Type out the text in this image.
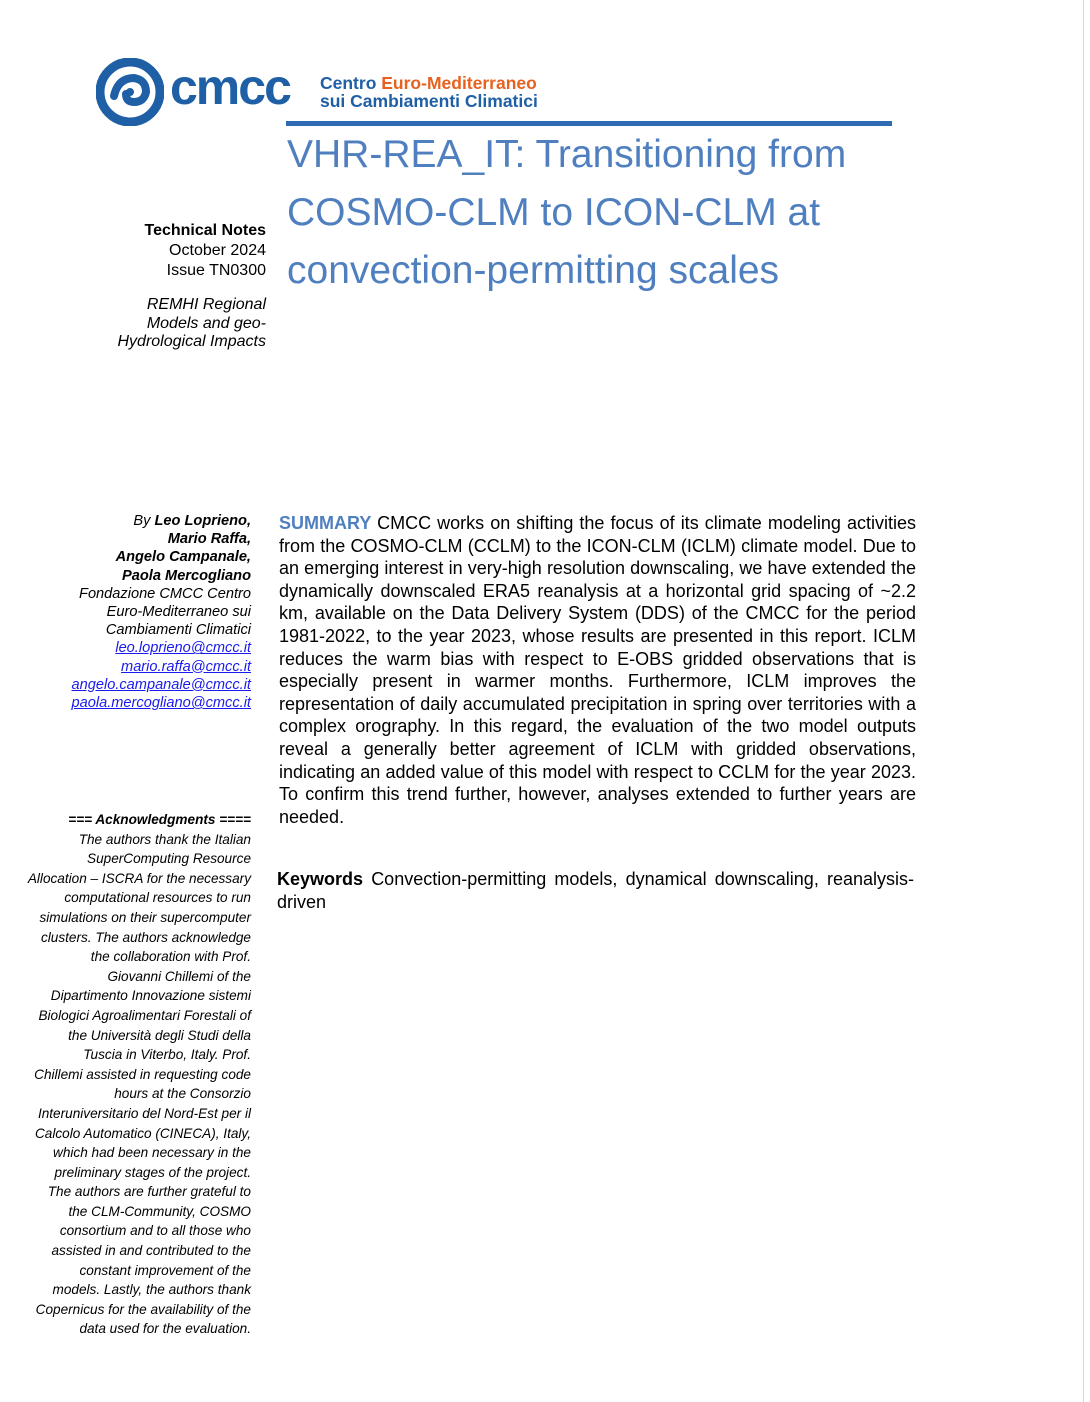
cmcc Centro Euro-Mediterraneo
sui Cambiamenti Climatici
VHR-REA_IT: Transitioning from COSMO-CLM to ICON-CLM at convection-permitting scales
Technical Notes
October 2024
Issue TN0300
REMHI Regional
Models and geo-
Hydrological Impacts
By Leo Loprieno,
Mario Raffa,
Angelo Campanale,
Paola Mercogliano
Fondazione CMCC Centro
Euro-Mediterraneo sui
Cambiamenti Climatici
leo.loprieno@cmcc.it
mario.raffa@cmcc.it
angelo.campanale@cmcc.it
paola.mercogliano@cmcc.it
=== Acknowledgments ====
The authors thank the Italian
SuperComputing Resource
Allocation – ISCRA for the necessary
computational resources to run
simulations on their supercomputer
clusters. The authors acknowledge
the collaboration with Prof.
Giovanni Chillemi of the
Dipartimento Innovazione sistemi
Biologici Agroalimentari Forestali of
the Università degli Studi della
Tuscia in Viterbo, Italy. Prof.
Chillemi assisted in requesting code
hours at the Consorzio
Interuniversitario del Nord-Est per il
Calcolo Automatico (CINECA), Italy,
which had been necessary in the
preliminary stages of the project.
The authors are further grateful to
the CLM-Community, COSMO
consortium and to all those who
assisted in and contributed to the
constant improvement of the
models. Lastly, the authors thank
Copernicus for the availability of the
data used for the evaluation.

SUMMARY CMCC works on shifting the focus of its climate modeling activities from the COSMO-CLM (CCLM) to the ICON-CLM (ICLM) climate model. Due to an emerging interest in very-high resolution downscaling, we have extended the dynamically downscaled ERA5 reanalysis at a horizontal grid spacing of ~2.2 km, available on the Data Delivery System (DDS) of the CMCC for the period 1981-2022, to the year 2023, whose results are presented in this report. ICLM reduces the warm bias with respect to E-OBS gridded observations that is especially present in warmer months. Furthermore, ICLM improves the representation of daily accumulated precipitation in spring over territories with a complex orography. In this regard, the evaluation of the two model outputs reveal a generally better agreement of ICLM with gridded observations, indicating an added value of this model with respect to CCLM for the year 2023. To confirm this trend further, however, analyses extended to further years are needed.

Keywords Convection-permitting models, dynamical downscaling, reanalysis-driven
